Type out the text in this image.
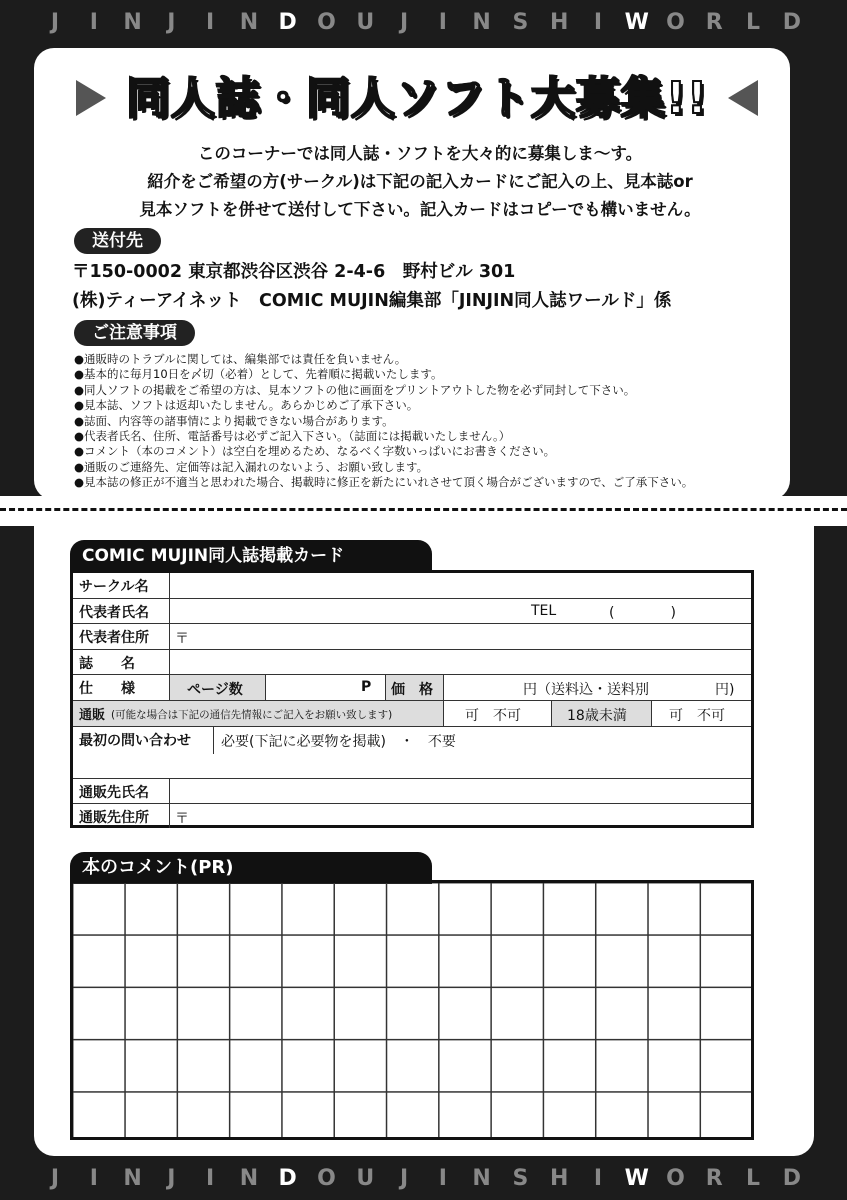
J	I	N	J	I	N D O U	J	I	N S H	I	W O R	L	D
J	I	N	J	I	N D O U	J	I	N S H	I	W O R	L	D
同人誌・同人ソフト大募集!!
このコーナーでは同人誌・ソフトを大々的に募集しま～す。
紹介をご希望の方(サークル)は下記の記入カードにご記入の上、見本誌or
見本ソフトを併せて送付して下さい。記入カードはコピーでも構いません。
送付先
〒150-0002 東京都渋谷区渋谷 2-4-6　野村ビル 301
(株)ティーアイネット　COMIC MUJIN編集部「JINJIN同人誌ワールド」係
ご注意事項
●通販時のトラブルに関しては、編集部では責任を負いません。
●基本的に毎月10日を〆切（必着）として、先着順に掲載いたします。
●同人ソフトの掲載をご希望の方は、見本ソフトの他に画面をプリントアウトした物を必ず同封して下さい。
●見本誌、ソフトは返却いたしません。あらかじめご了承下さい。
●誌面、内容等の諸事情により掲載できない場合があります。
●代表者氏名、住所、電話番号は必ずご記入下さい。（誌面には掲載いたしません。）
●コメント（本のコメント）は空白を埋めるため、なるべく字数いっぱいにお書きください。
●通販のご連絡先、定価等は記入漏れのないよう、お願い致します。
●見本誌の修正が不適当と思われた場合、掲載時に修正を新たにいれさせて頂く場合がございますので、ご了承下さい。
COMIC MUJIN同人誌掲載カード
サークル名
代表者氏名	TEL	(　　　　)
代表者住所 〒
誌　　名
仕　　様	ページ数	P 価　格	円（送料込・送料別	円)
通販 (可能な場合は下記の通信先情報にご記入をお願い致します)	可　不可	18歳未満	可　不可
最初の問い合わせ 必要(下記に必要物を掲載)　・　不要
通販先氏名
通販先住所 〒
本のコメント(PR)
